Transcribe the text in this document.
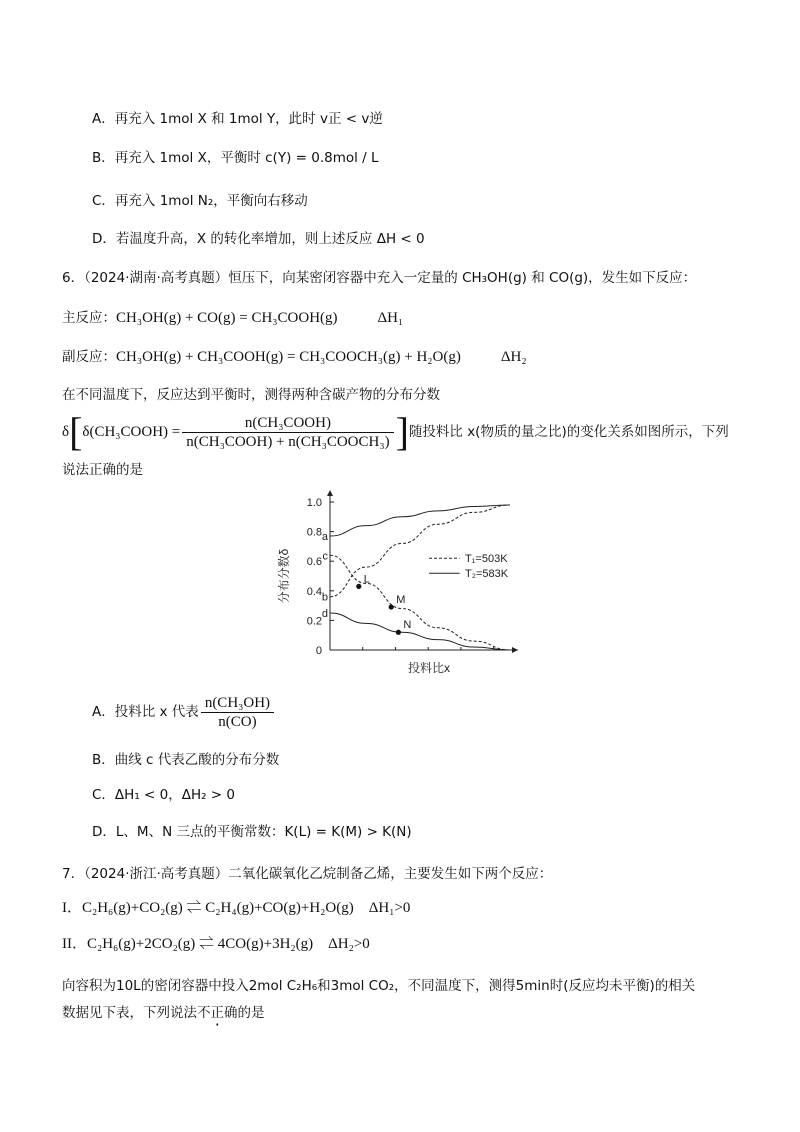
A．再充入 1mol X 和 1mol Y，此时 v正 < v逆
B．再充入 1mol X，平衡时 c(Y) = 0.8mol / L
C．再充入 1mol N₂，平衡向右移动
D．若温度升高，X 的转化率增加，则上述反应 ΔH < 0
6．（2024·湖南·高考真题）恒压下，向某密闭容器中充入一定量的 CH₃OH(g) 和 CO(g)，发生如下反应：
主反应：CH₃OH(g) + CO(g) = CH₃COOH(g)	ΔH₁
副反应：CH₃OH(g) + CH₃COOH(g) = CH₃COOCH₃(g) + H₂O(g)	ΔH₂
在不同温度下，反应达到平衡时，测得两种含碳产物的分布分数
δ[δ(CH₃COOH) = $\frac{\text{n(CH₃COOH)}}{\text{n(CH₃COOH) + n(CH₃COOCH₃)}}$ ]随投料比 x(物质的量之比)的变化关系如图所示，下列
说法正确的是
0
0.2
0.4
0.6
0.8
1.0
a
b
c
d
L
M
N
T₁=503K
T₂=583K
投料比x
分布分数δ
A．投料比 x 代表 $\frac{\text{n(CH₃OH)}}{n(CO)}$
B．曲线 c 代表乙酸的分布分数
C．ΔH₁ < 0，ΔH₂ > 0
D．L、M、N 三点的平衡常数：K(L) = K(M) > K(N)
7．（2024·浙江·高考真题）二氧化碳氧化乙烷制备乙烯，主要发生如下两个反应：
I．C₂H₆(g)+CO₂(g) ⇌ C₂H₄(g)+CO(g)+H₂O(g)　ΔH₁>0
II．C₂H₆(g)+2CO₂(g) ⇌ 4CO(g)+3H₂(g)　ΔH₂>0
向容积为10L的密闭容器中投入2mol C₂H₆和3mol CO₂，不同温度下，测得5min时(反应均未平衡)的相关
数据见下表，下列说法不正确的是
